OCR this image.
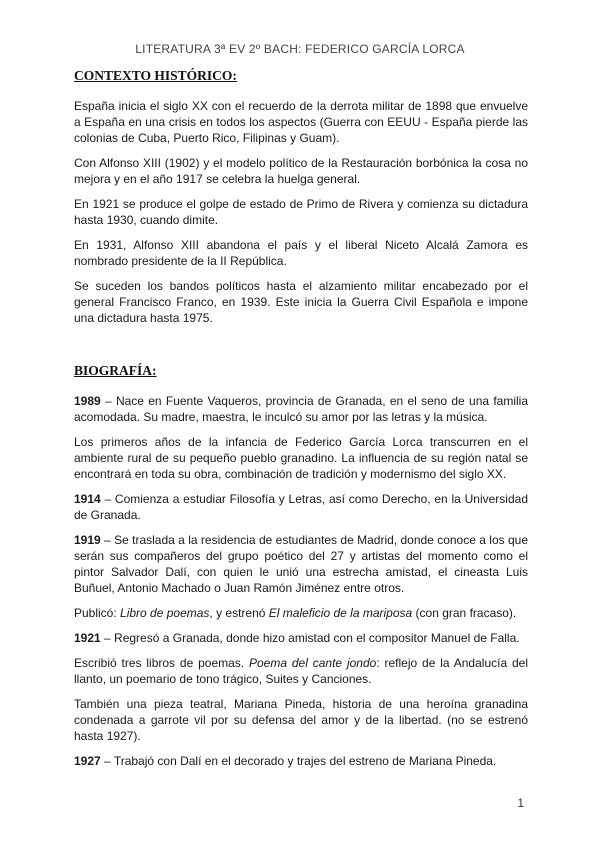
LITERATURA 3ª EV 2º BACH: FEDERICO GARCÍA LORCA
CONTEXTO HISTÓRICO:

España inicia el siglo XX con el recuerdo de la derrota militar de 1898 que envuelve a España en una crisis en todos los aspectos (Guerra con EEUU - España pierde las colonias de Cuba, Puerto Rico, Filipinas y Guam).

Con Alfonso XIII (1902) y el modelo político de la Restauración borbónica la cosa no mejora y en el año 1917 se celebra la huelga general.

En 1921 se produce el golpe de estado de Primo de Rivera y comienza su dictadura hasta 1930, cuando dimite.

En 1931, Alfonso XIII abandona el país y el liberal Niceto Alcalá Zamora es nombrado presidente de la II República.

Se suceden los bandos políticos hasta el alzamiento militar encabezado por el general Francisco Franco, en 1939. Este inicia la Guerra Civil Española e impone una dictadura hasta 1975.

BIOGRAFÍA:

1989 – Nace en Fuente Vaqueros, provincia de Granada, en el seno de una familia acomodada. Su madre, maestra, le inculcó su amor por las letras y la música.

Los primeros años de la infancia de Federico García Lorca transcurren en el ambiente rural de su pequeño pueblo granadino. La influencia de su región natal se encontrará en toda su obra, combinación de tradición y modernismo del siglo XX.

1914 – Comienza a estudiar Filosofía y Letras, así como Derecho, en la Universidad de Granada.

1919 – Se traslada a la residencia de estudiantes de Madrid, donde conoce a los que serán sus compañeros del grupo poético del 27 y artistas del momento como el pintor Salvador Dalí, con quien le unió una estrecha amistad, el cineasta Luis Buñuel, Antonio Machado o Juan Ramón Jiménez entre otros.

Publicó: Libro de poemas, y estrenó El maleficio de la mariposa (con gran fracaso).

1921 – Regresó a Granada, donde hizo amistad con el compositor Manuel de Falla.

Escribió tres libros de poemas. Poema del cante jondo: reflejo de la Andalucía del llanto, un poemario de tono trágico, Suites y Canciones.

También una pieza teatral, Mariana Pineda, historia de una heroína granadina condenada a garrote vil por su defensa del amor y de la libertad. (no se estrenó hasta 1927).

1927 – Trabajó con Dalí en el decorado y trajes del estreno de Mariana Pineda.

1
